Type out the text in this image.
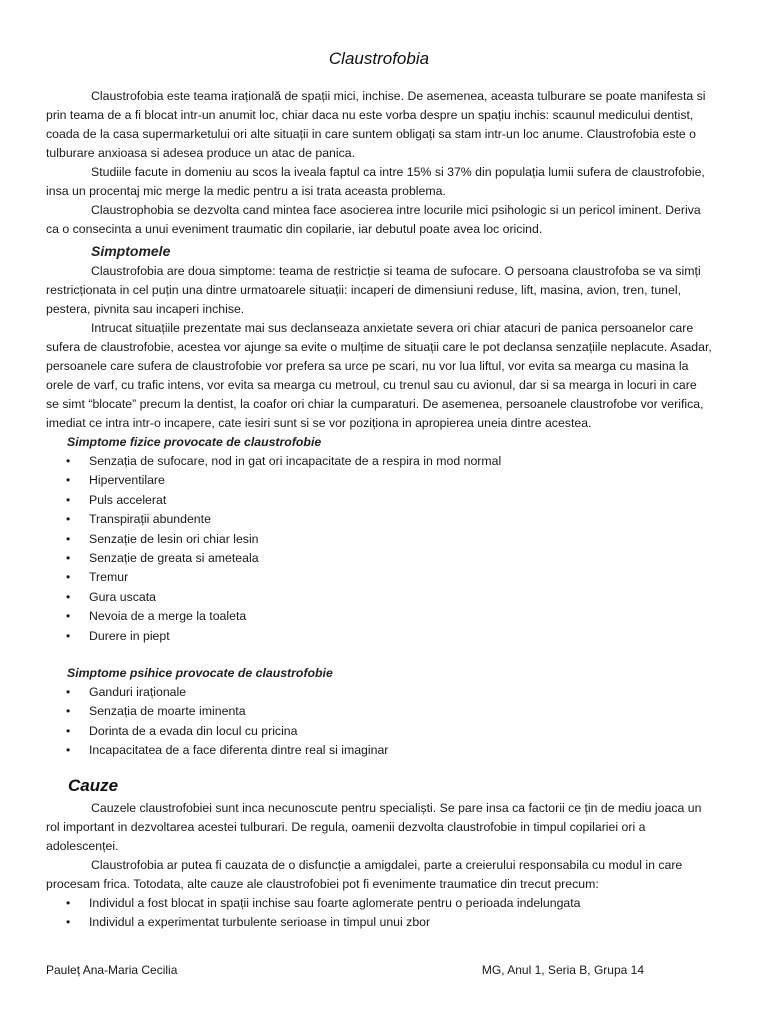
Claustrofobia

Claustrofobia este teama irațională de spații mici, inchise. De asemenea, aceasta tulburare se poate manifesta si prin teama de a fi blocat intr-un anumit loc, chiar daca nu este vorba despre un spațiu inchis: scaunul medicului dentist, coada de la casa supermarketului ori alte situații in care suntem obligați sa stam intr-un loc anume. Claustrofobia este o tulburare anxioasa si adesea produce un atac de panica.

Studiile facute in domeniu au scos la iveala faptul ca intre 15% si 37% din populația lumii sufera de claustrofobie, insa un procentaj mic merge la medic pentru a isi trata aceasta problema.

Claustrophobia se dezvolta cand mintea face asocierea intre locurile mici psihologic si un pericol iminent. Deriva ca o consecinta a unui eveniment traumatic din copilarie, iar debutul poate avea loc oricind.

Simptomele

Claustrofobia are doua simptome: teama de restricție si teama de sufocare. O persoana claustrofoba se va simți restricționata in cel puțin una dintre urmatoarele situații: incaperi de dimensiuni reduse, lift, masina, avion, tren, tunel, pestera, pivnita sau incaperi inchise.

Intrucat situațiile prezentate mai sus declanseaza anxietate severa ori chiar atacuri de panica persoanelor care sufera de claustrofobie, acestea vor ajunge sa evite o mulțime de situații care le pot declansa senzațiile neplacute. Asadar, persoanele care sufera de claustrofobie vor prefera sa urce pe scari, nu vor lua liftul, vor evita sa mearga cu masina la orele de varf, cu trafic intens, vor evita sa mearga cu metroul, cu trenul sau cu avionul, dar si sa mearga in locuri in care se simt “blocate” precum la dentist, la coafor ori chiar la cumparaturi. De asemenea, persoanele claustrofobe vor verifica, imediat ce intra intr-o incapere, cate iesiri sunt si se vor poziționa in apropierea uneia dintre acestea.

Simptome fizice provocate de claustrofobie
• Senzația de sufocare, nod in gat ori incapacitate de a respira in mod normal
• Hiperventilare
• Puls accelerat
• Transpirații abundente
• Senzație de lesin ori chiar lesin
• Senzație de greata si ameteala
• Tremur
• Gura uscata
• Nevoia de a merge la toaleta
• Durere in piept
Simptome psihice provocate de claustrofobie
• Ganduri iraționale
• Senzația de moarte iminenta
• Dorinta de a evada din locul cu pricina
• Incapacitatea de a face diferenta dintre real si imaginar
Cauze

Cauzele claustrofobiei sunt inca necunoscute pentru specialiști. Se pare insa ca factorii ce țin de mediu joaca un rol important in dezvoltarea acestei tulburari. De regula, oamenii dezvolta claustrofobie in timpul copilariei ori a adolescenței.

Claustrofobia ar putea fi cauzata de o disfuncție a amigdalei, parte a creierului responsabila cu modul in care procesam frica. Totodata, alte cauze ale claustrofobiei pot fi evenimente traumatice din trecut precum:

• Individul a fost blocat in spații inchise sau foarte aglomerate pentru o perioada indelungata
• Individul a experimentat turbulente serioase in timpul unui zbor
Pauleț Ana-Maria Cecilia	MG, Anul 1, Seria B, Grupa 14
